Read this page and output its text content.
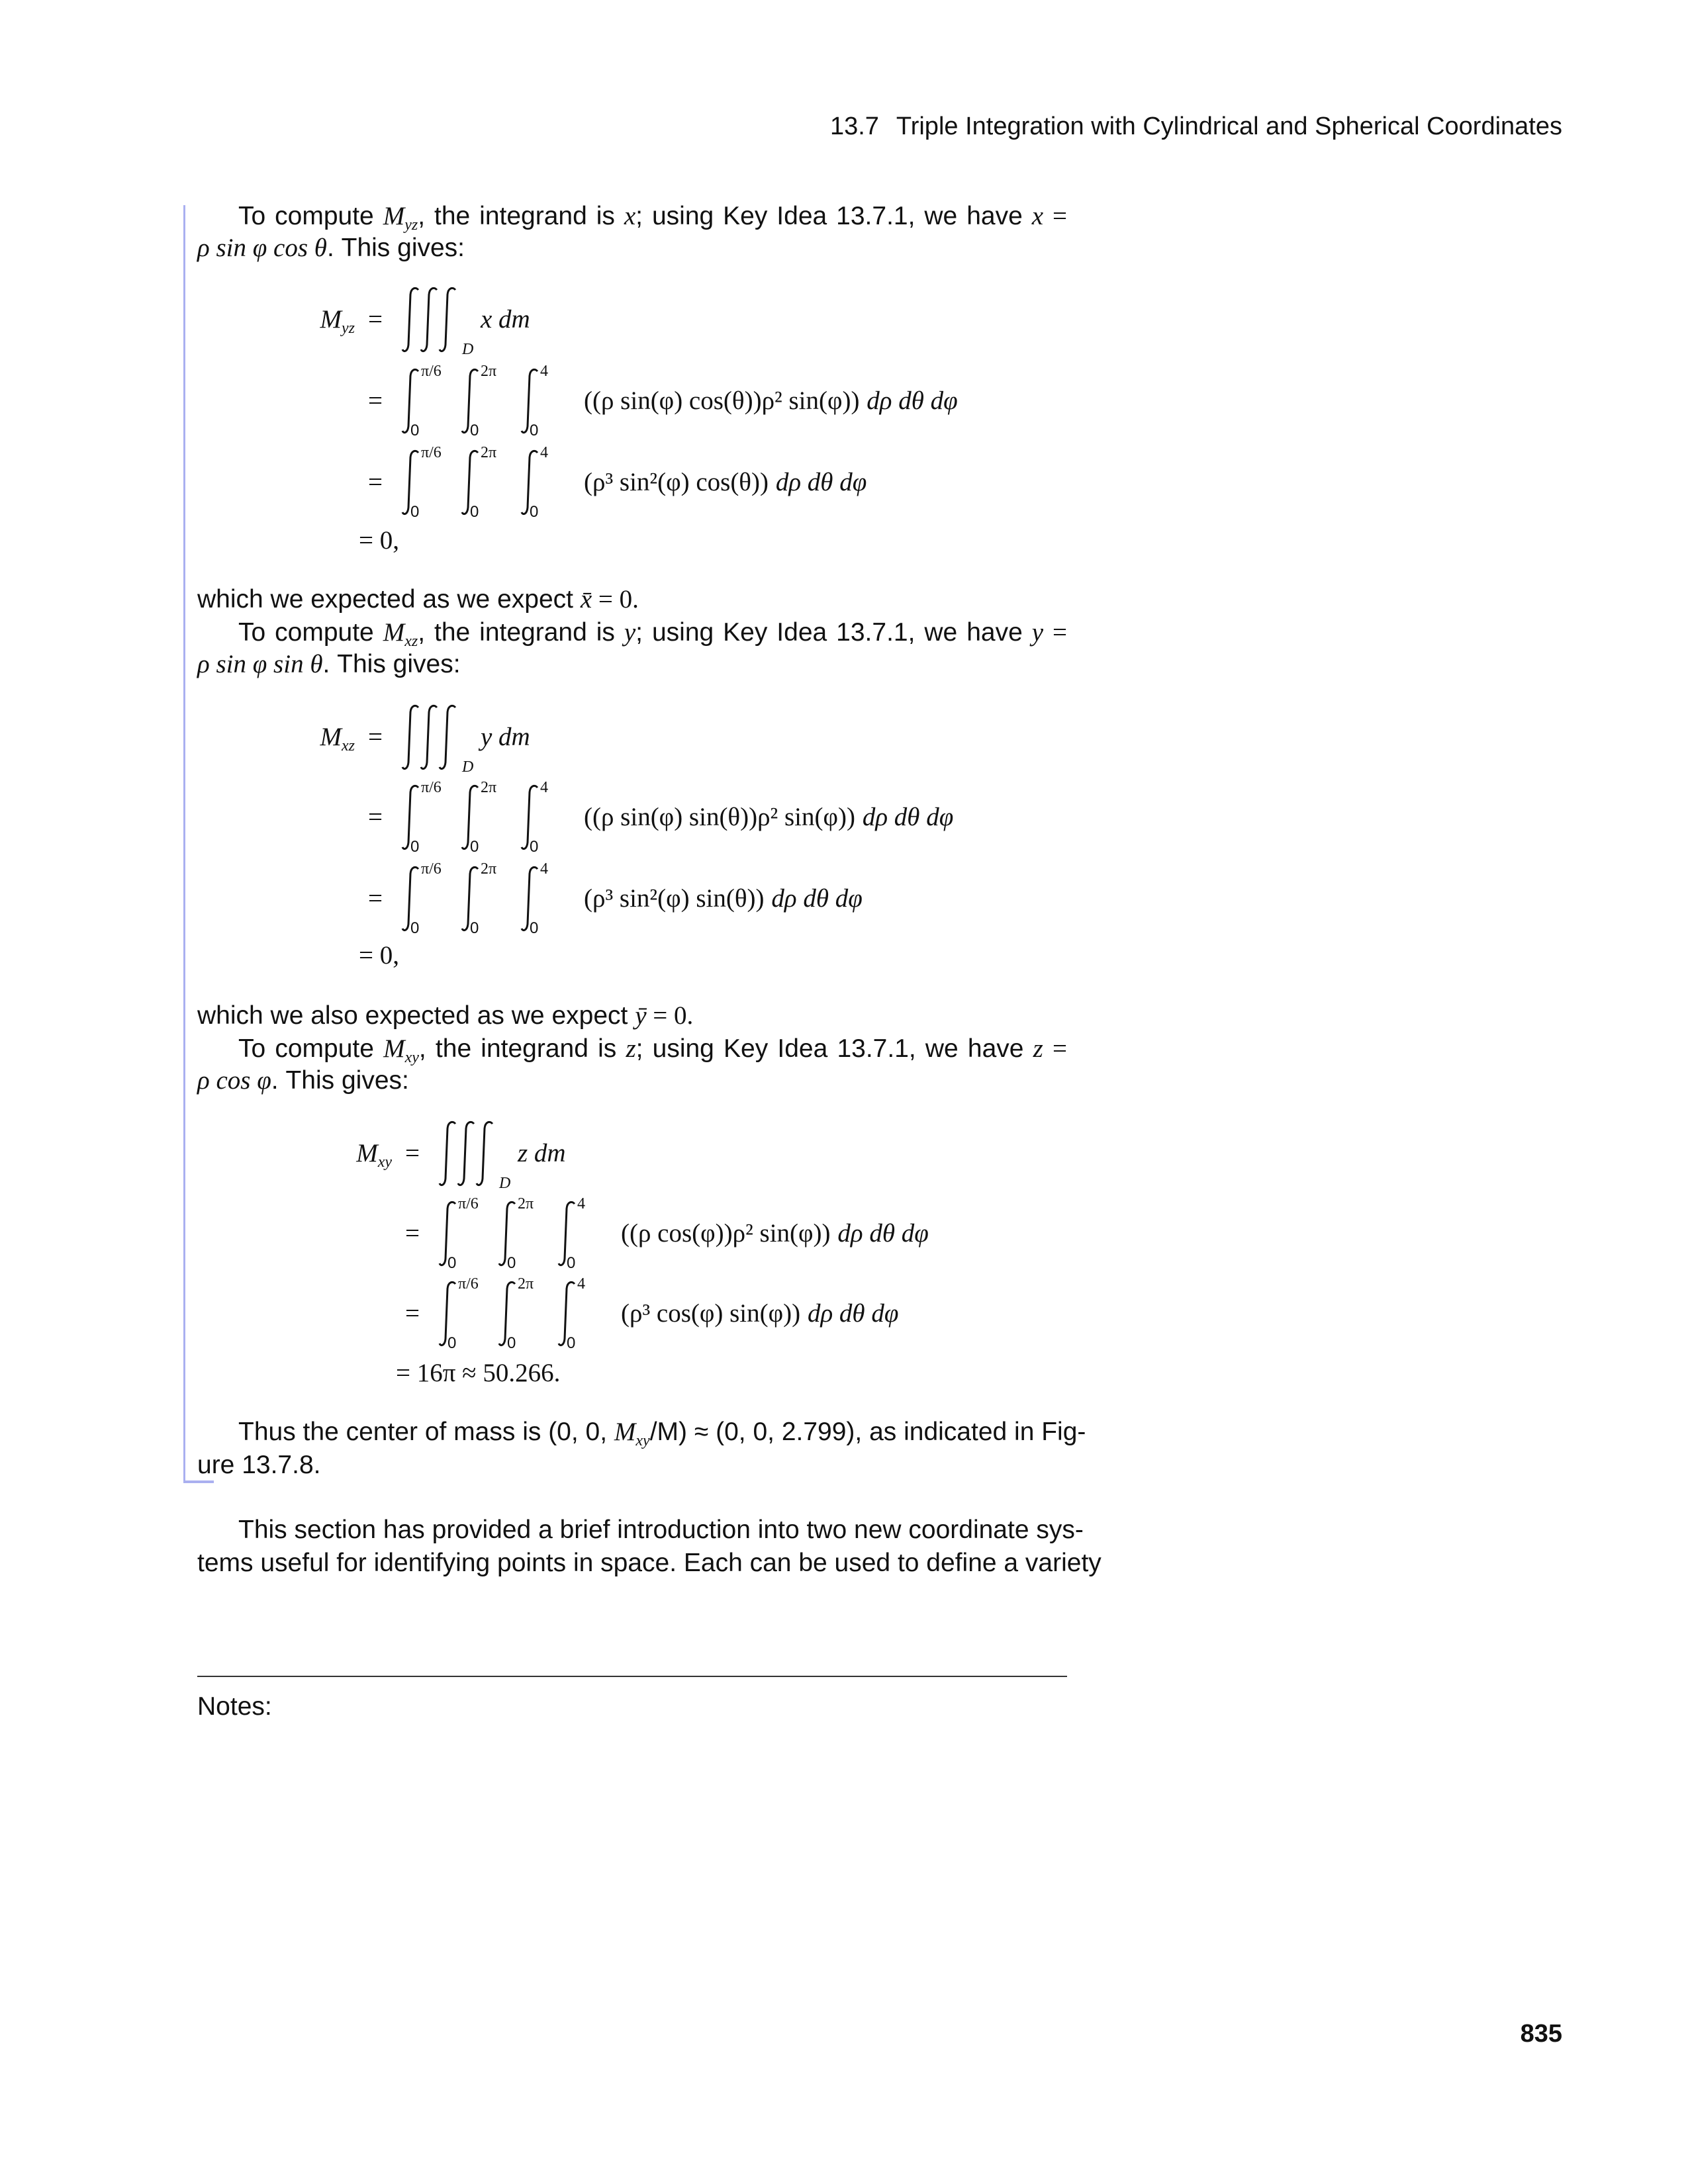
13.7 Triple Integration with Cylindrical and Spherical Coordinates
To compute $M_{yz}$, the integrand is x; using Key Idea 13.7.1, we have x =
ρ sin φ cos θ. This gives:
$M_{yz}$ =
D
x dm
=
π/6
0
2π
0
4
0
((ρ sin(φ) cos(θ))ρ² sin(φ)) dρ dθ dφ
=
π/6
0
2π
0
4
0
(ρ³ sin²(φ) cos(θ)) dρ dθ dφ
= 0,
which we expected as we expect x̄ = 0.
To compute $M_{xz}$, the integrand is y; using Key Idea 13.7.1, we have y =
ρ sin φ sin θ. This gives:
$M_{xz}$ =
D
y dm
=
π/6
0
2π
0
4
0
((ρ sin(φ) sin(θ))ρ² sin(φ)) dρ dθ dφ
=
π/6
0
2π
0
4
0
(ρ³ sin²(φ) sin(θ)) dρ dθ dφ
= 0,
which we also expected as we expect ȳ = 0.
To compute $M_{xy}$, the integrand is z; using Key Idea 13.7.1, we have z =
ρ cos φ. This gives:
$M_{xy}$ =
D
z dm
=
π/6
0
2π
0
4
0
((ρ cos(φ))ρ² sin(φ)) dρ dθ dφ
=
π/6
0
2π
0
4
0
(ρ³ cos(φ) sin(φ)) dρ dθ dφ
= 16π ≈ 50.266.
Thus the center of mass is (0, 0, $M_{xy}/M) \approx (0$, 0, 2.799), as indicated in Fig-
ure 13.7.8.
This section has provided a brief introduction into two new coordinate sys-
tems useful for identifying points in space. Each can be used to define a variety
Notes:
835
